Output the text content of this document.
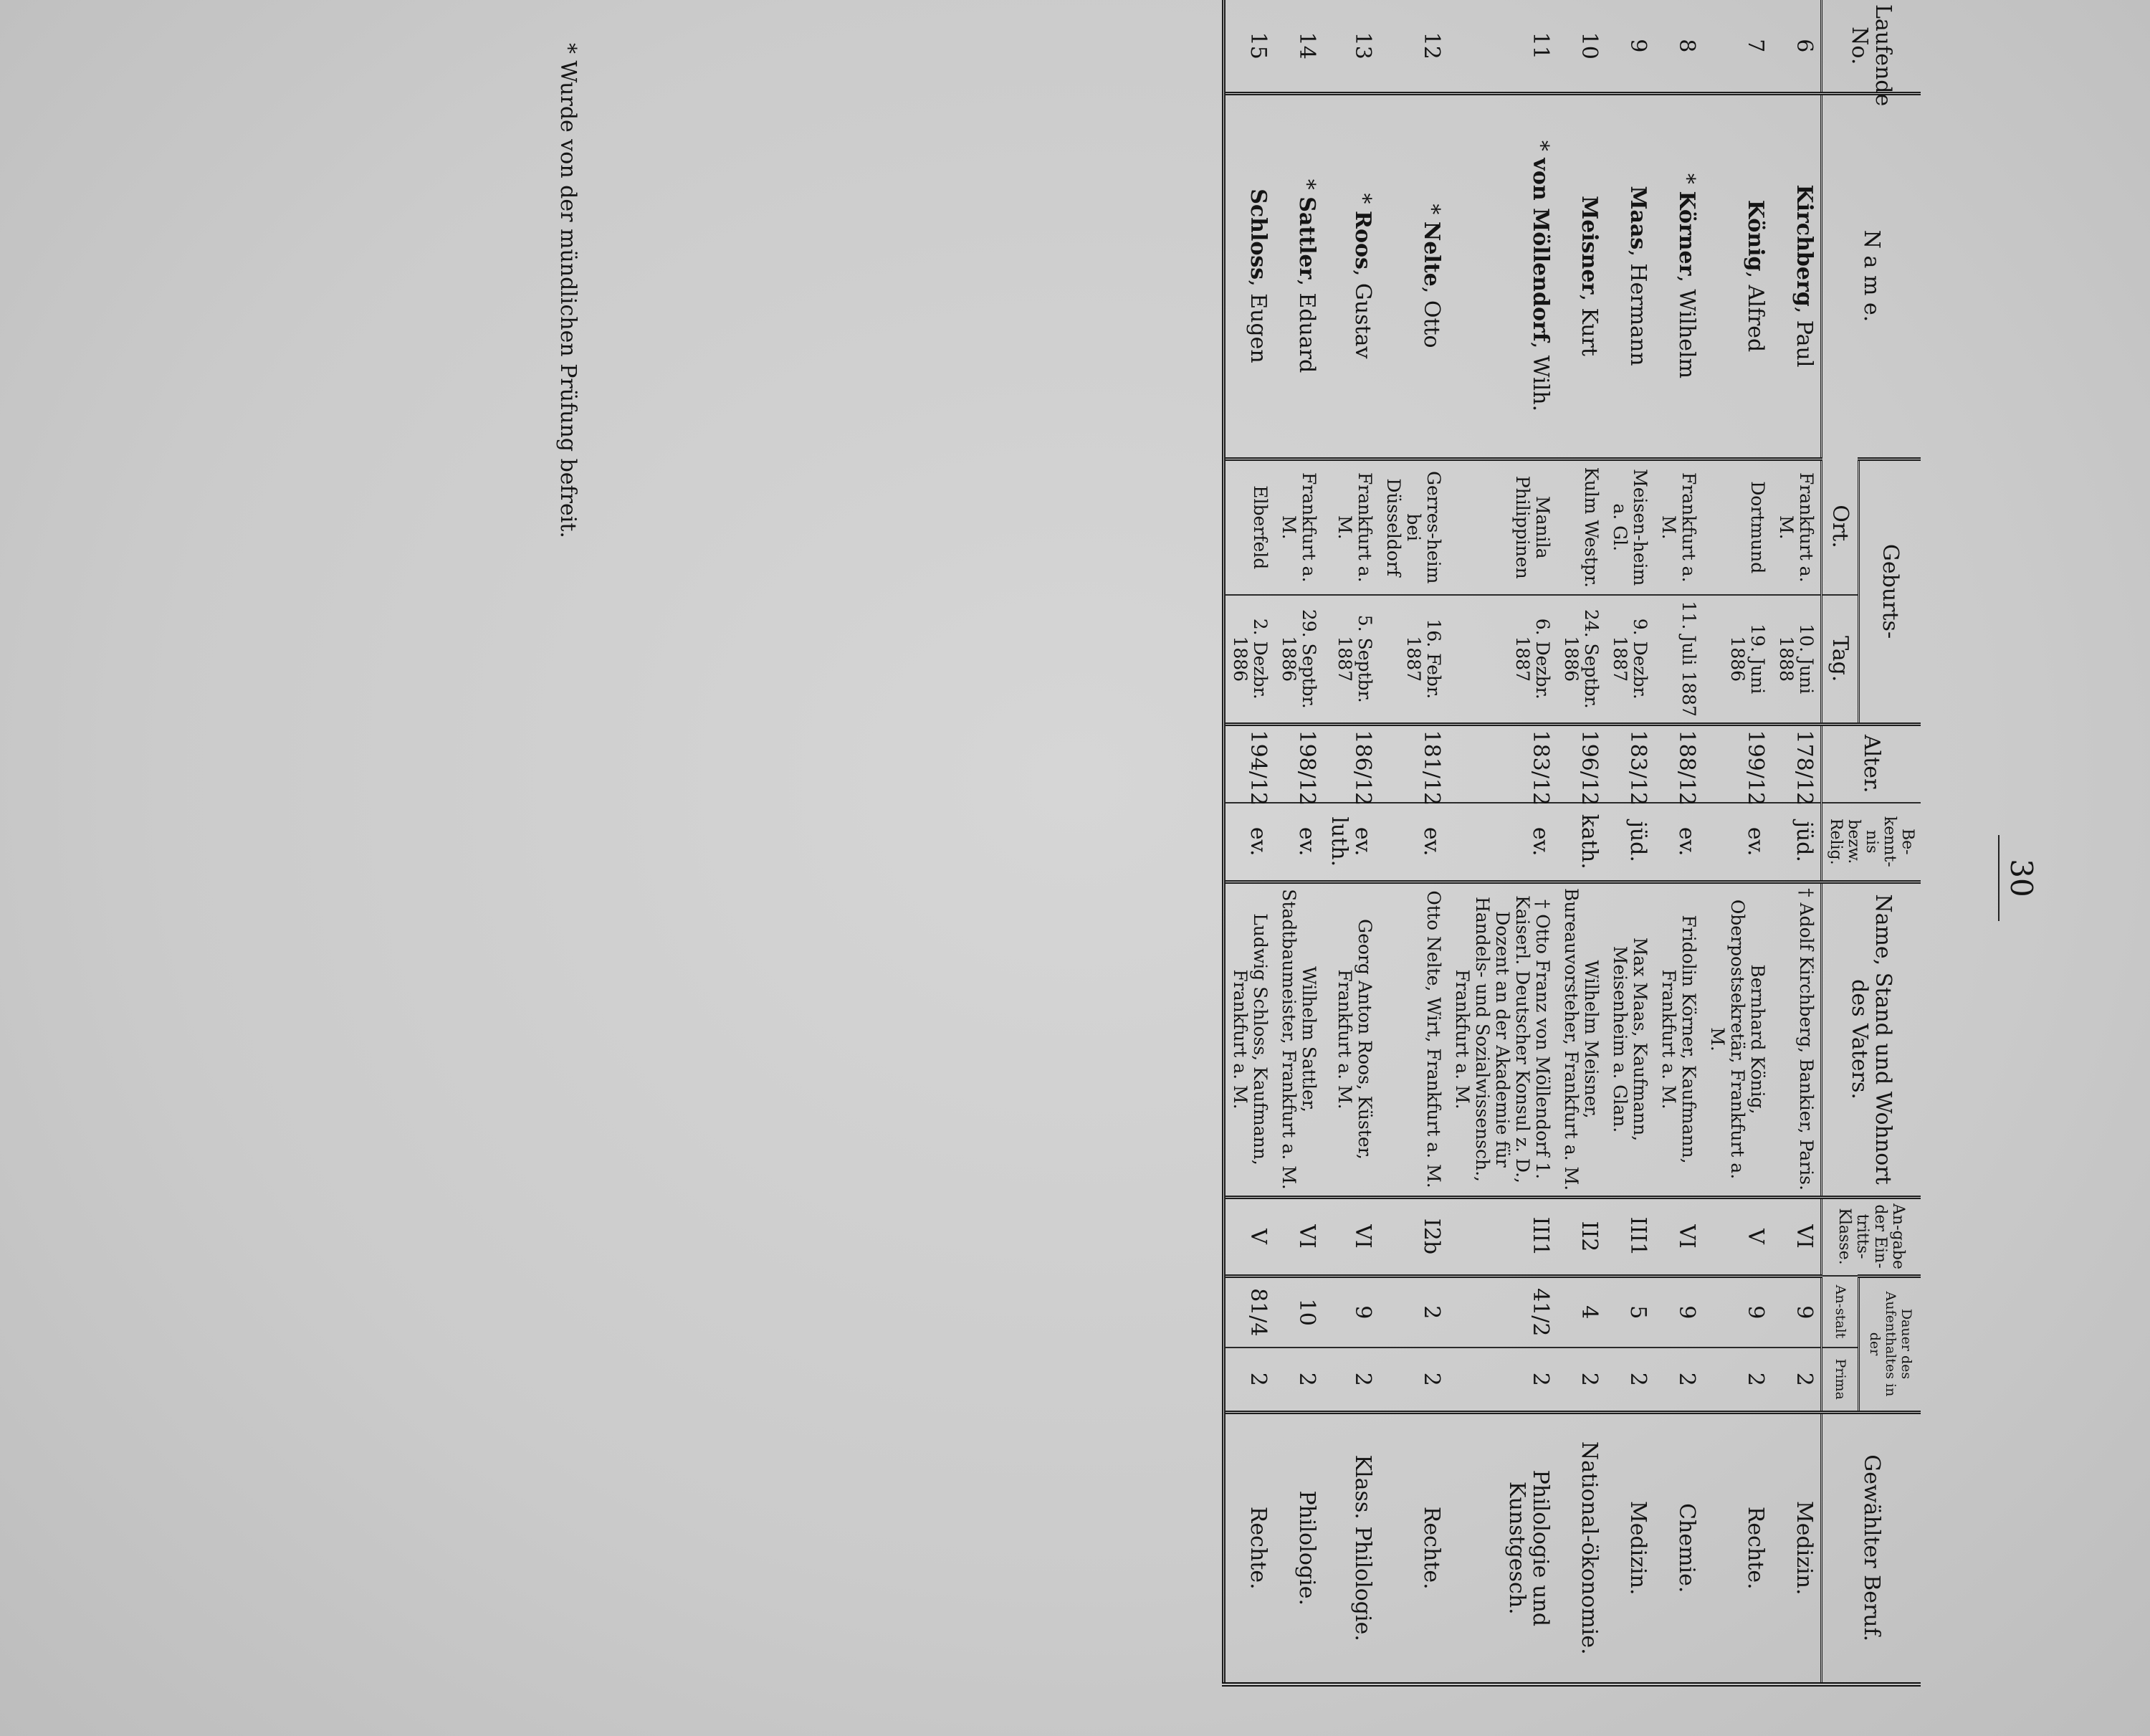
30
Laufende No.	N a m e.	Geburts-		Alter.	Be-kennt-nis bezw. Relig.	Name, Stand und Wohnort des Vaters.	An-gabe der Ein-tritts-Klasse.	Dauer des Aufenthaltes in der		Gewählter Beruf.
		Ort.	Tag.					An-stalt	Prima	
6	Kirchberg, Paul	Frankfurt a. M.	10. Juni 1888	178/12	jüd.	† Adolf Kirchberg, Bankier, Paris.	VI	9	2	Medizin.
7	König, Alfred	Dortmund	19. Juni 1886	199/12	ev.	Bernhard König, Oberpostsekretär, Frankfurt a. M.	V	9	2	Rechte.
8	* Körner, Wilhelm	Frankfurt a. M.	11. Juli 1887	188/12	ev.	Fridolin Körner, Kaufmann, Frankfurt a. M.	VI	9	2	Chemie.
9	Maas, Hermann	Meisen-heim a. Gl.	9. Dezbr. 1887	183/12	jüd.	Max Maas, Kaufmann, Meisenheim a. Glan.	III1	5	2	Medizin.
10	Meisner, Kurt	Kulm Westpr.	24. Septbr. 1886	196/12	kath.	Wilhelm Meisner, Bureauvorsteher, Frankfurt a. M.	II2	4	2	National-ökonomie.
11	* von Möllendorf, Wilh.	Manila Philippinen	6. Dezbr. 1887	183/12	ev.	† Otto Franz von Möllendorf 1. Kaiserl. Deutscher Konsul z. D., Dozent an der Akademie für Handels- und Sozialwissensch., Frankfurt a. M.	III1	41/2	2	Philologie und Kunstgesch.
12	* Nelte, Otto	Gerres-heim bei Düsseldorf	16. Febr. 1887	181/12	ev.	Otto Nelte, Wirt, Frankfurt a. M.	I2b	2	2	Rechte.
13	* Roos, Gustav	Frankfurt a. M.	5. Septbr. 1887	186/12	ev. luth.	Georg Anton Roos, Küster, Frankfurt a. M.	VI	9	2	Klass. Philologie.
14	* Sattler, Eduard	Frankfurt a. M.	29. Septbr. 1886	198/12	ev.	Wilhelm Sattler, Stadtbaumeister, Frankfurt a. M.	VI	10	2	Philologie.
15	Schloss, Eugen	Elberfeld	2. Dezbr. 1886	194/12	ev.	Ludwig Schloss, Kaufmann, Frankfurt a. M.	V	81/4	2	Rechte.
* Wurde von der mündlichen Prüfung befreit.
